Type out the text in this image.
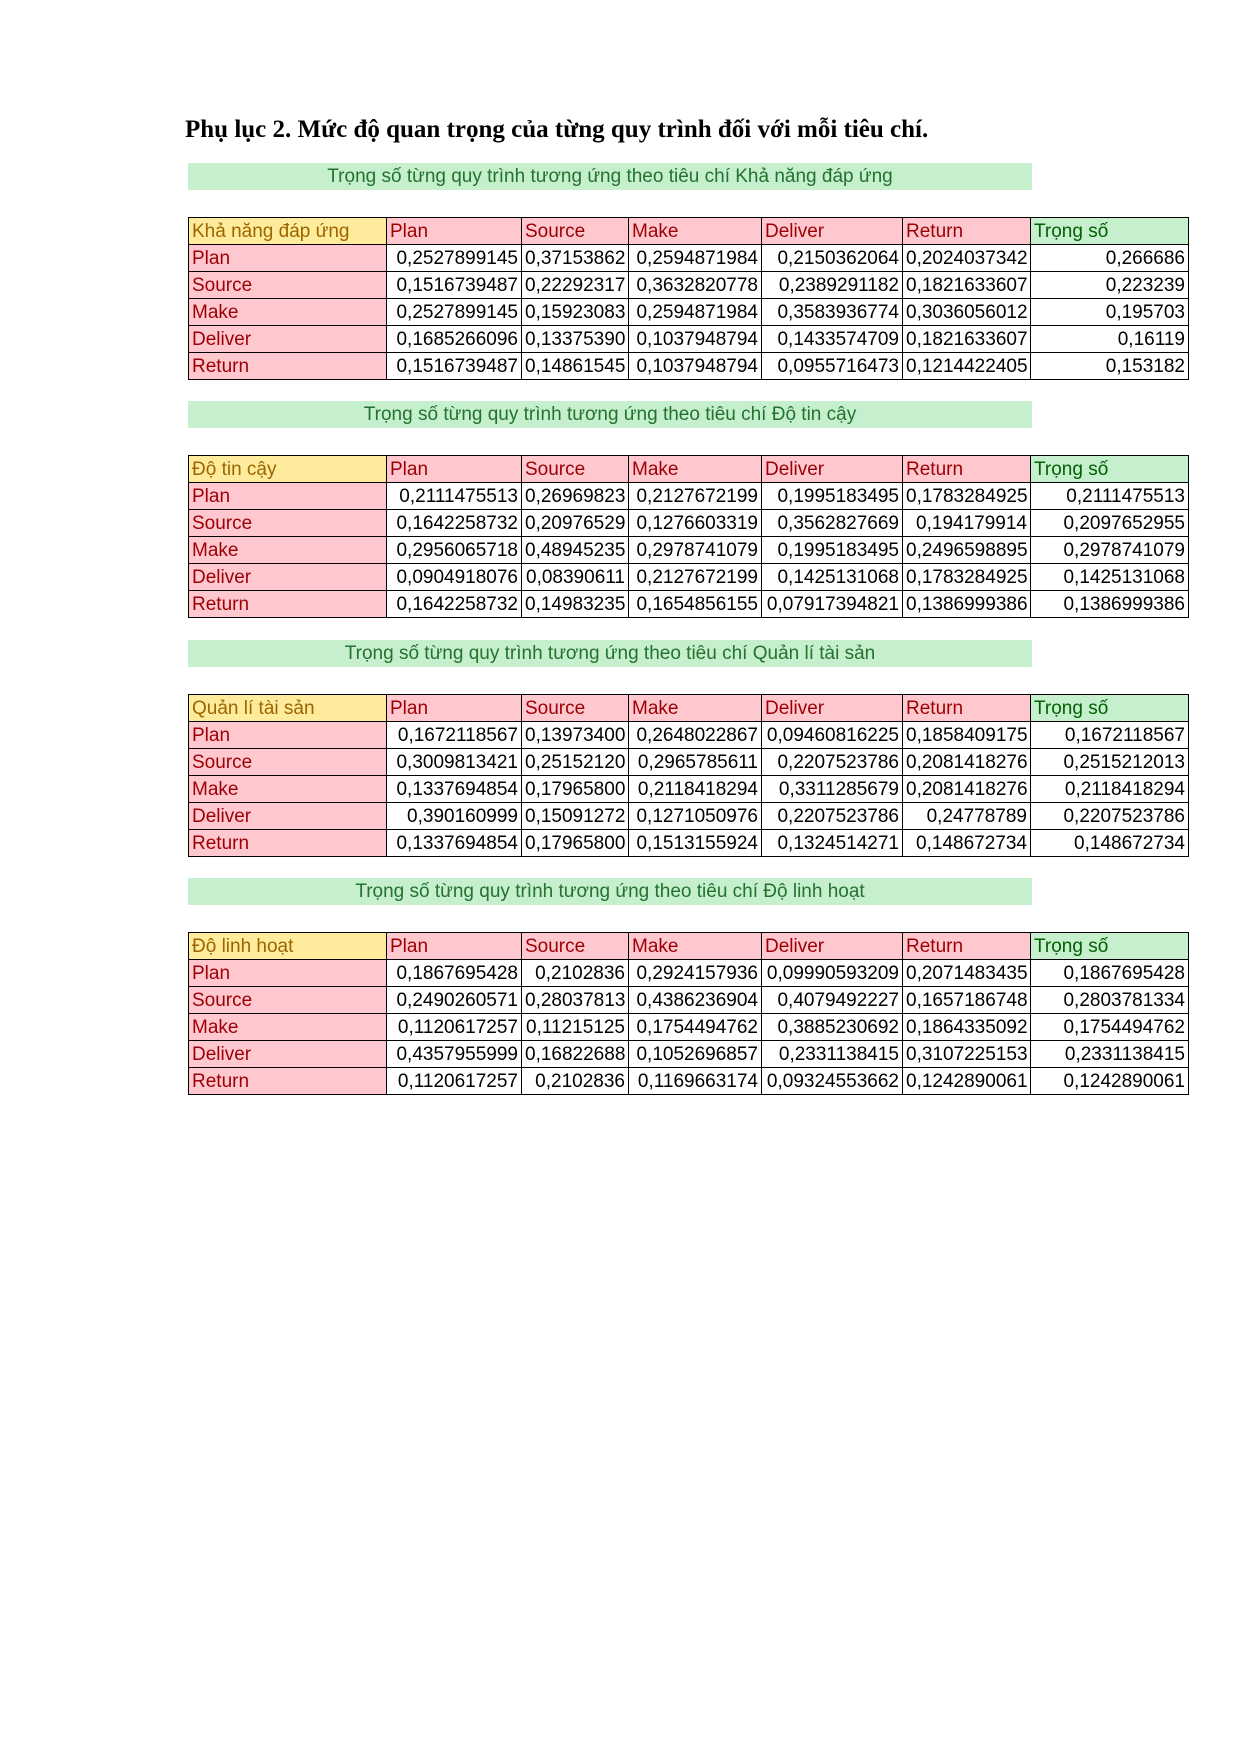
Phụ lục 2. Mức độ quan trọng của từng quy trình đối với mỗi tiêu chí.
Trọng số từng quy trình tương ứng theo tiêu chí Khả năng đáp ứng
Khả năng đáp ứng	Plan	Source	Make	Deliver	Return	Trọng số
Plan	0,2527899145	0,37153862	0,2594871984	0,2150362064	0,2024037342	0,266686
Source	0,1516739487	0,22292317	0,3632820778	0,2389291182	0,1821633607	0,223239
Make	0,2527899145	0,15923083	0,2594871984	0,3583936774	0,3036056012	0,195703
Deliver	0,1685266096	0,13375390	0,1037948794	0,1433574709	0,1821633607	0,16119
Return	0,1516739487	0,14861545	0,1037948794	0,0955716473	0,1214422405	0,153182
Trọng số từng quy trình tương ứng theo tiêu chí Độ tin cậy
Độ tin cậy	Plan	Source	Make	Deliver	Return	Trọng số
Plan	0,2111475513	0,26969823	0,2127672199	0,1995183495	0,1783284925	0,2111475513
Source	0,1642258732	0,20976529	0,1276603319	0,3562827669	0,194179914	0,2097652955
Make	0,2956065718	0,48945235	0,2978741079	0,1995183495	0,2496598895	0,2978741079
Deliver	0,0904918076	0,08390611	0,2127672199	0,1425131068	0,1783284925	0,1425131068
Return	0,1642258732	0,14983235	0,1654856155	0,07917394821	0,1386999386	0,1386999386
Trọng số từng quy trình tương ứng theo tiêu chí Quản lí tài sản
Quản lí tài sản	Plan	Source	Make	Deliver	Return	Trọng số
Plan	0,1672118567	0,13973400	0,2648022867	0,09460816225	0,1858409175	0,1672118567
Source	0,3009813421	0,25152120	0,2965785611	0,2207523786	0,2081418276	0,2515212013
Make	0,1337694854	0,17965800	0,2118418294	0,3311285679	0,2081418276	0,2118418294
Deliver	0,390160999	0,15091272	0,1271050976	0,2207523786	0,24778789	0,2207523786
Return	0,1337694854	0,17965800	0,1513155924	0,1324514271	0,148672734	0,148672734
Trọng số từng quy trình tương ứng theo tiêu chí Độ linh hoạt
Độ linh hoạt	Plan	Source	Make	Deliver	Return	Trọng số
Plan	0,1867695428	0,2102836	0,2924157936	0,09990593209	0,2071483435	0,1867695428
Source	0,2490260571	0,28037813	0,4386236904	0,4079492227	0,1657186748	0,2803781334
Make	0,1120617257	0,11215125	0,1754494762	0,3885230692	0,1864335092	0,1754494762
Deliver	0,4357955999	0,16822688	0,1052696857	0,2331138415	0,3107225153	0,2331138415
Return	0,1120617257	0,2102836	0,1169663174	0,09324553662	0,1242890061	0,1242890061
